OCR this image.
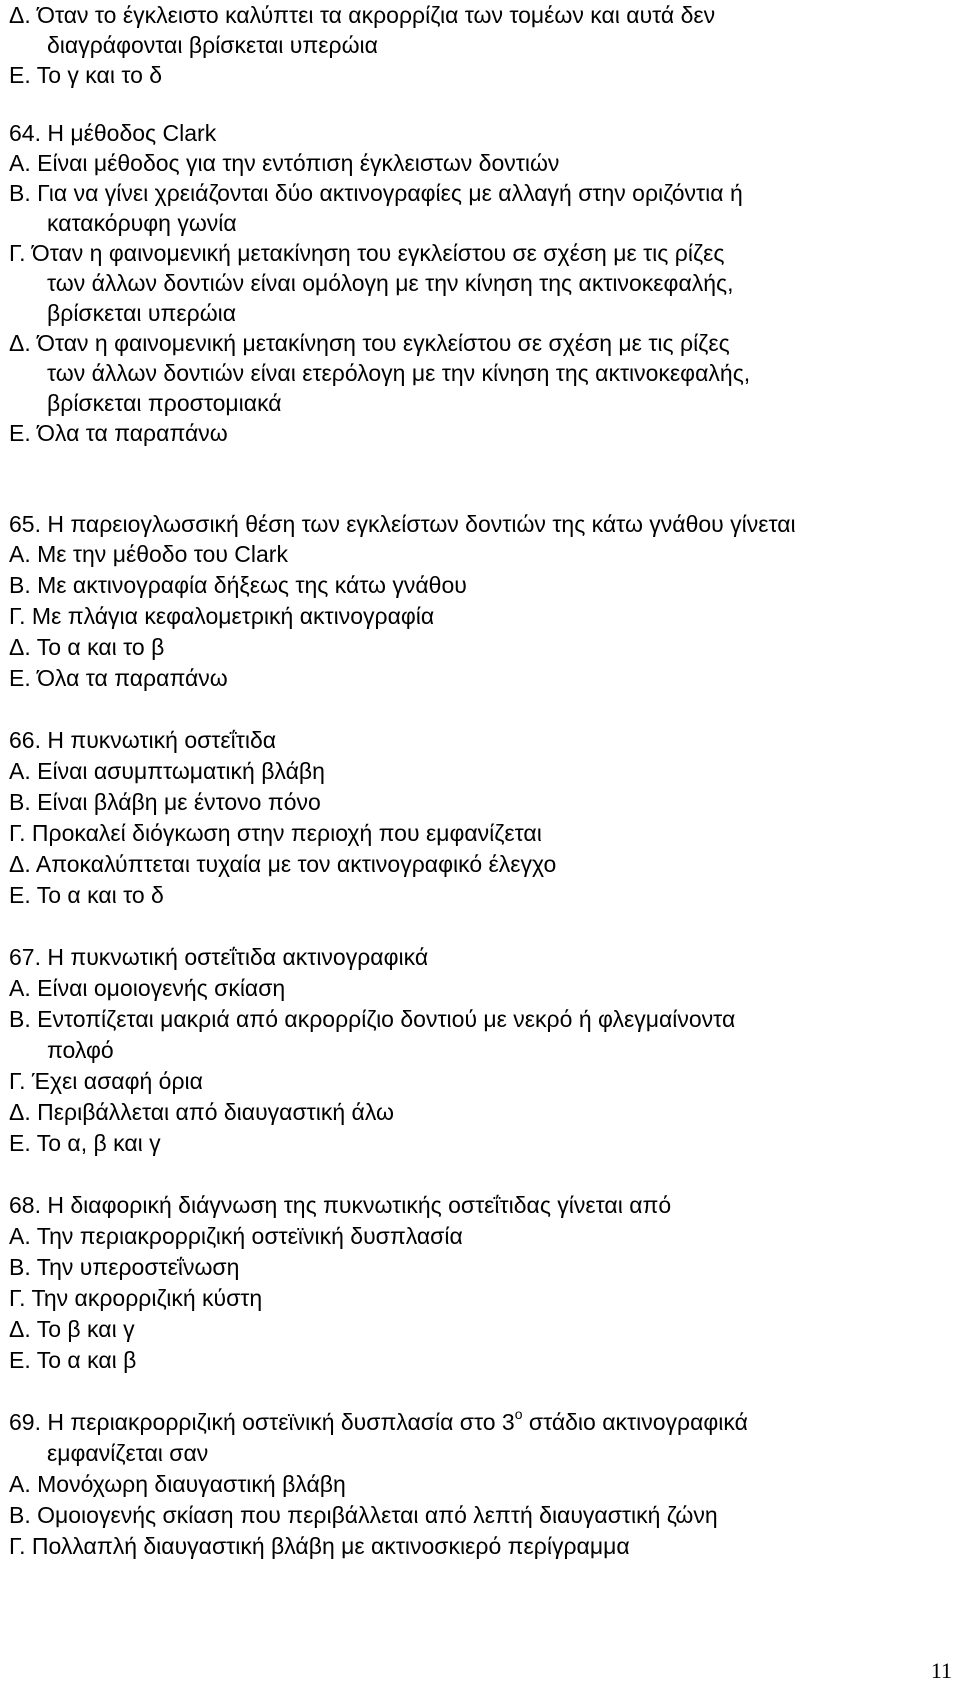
Δ. Όταν το έγκλειστο καλύπτει τα ακρορρίζια των τομέων και αυτά δεν
διαγράφονται βρίσκεται υπερώια
Ε. Το γ και το δ
64. Η μέθοδος Clark
Α. Είναι μέθοδος για την εντόπιση έγκλειστων δοντιών
Β. Για να γίνει χρειάζονται δύο ακτινογραφίες με αλλαγή στην οριζόντια ή
κατακόρυφη γωνία
Γ. Όταν η φαινομενική μετακίνηση του εγκλείστου σε σχέση με τις ρίζες
των άλλων δοντιών είναι ομόλογη με την κίνηση της ακτινοκεφαλής,
βρίσκεται υπερώια
Δ. Όταν η φαινομενική μετακίνηση του εγκλείστου σε σχέση με τις ρίζες
των άλλων δοντιών είναι ετερόλογη με την κίνηση της ακτινοκεφαλής,
βρίσκεται προστομιακά
Ε. Όλα τα παραπάνω
65. Η παρειογλωσσική θέση των εγκλείστων δοντιών της κάτω γνάθου γίνεται
Α. Με την μέθοδο του Clark
Β. Με ακτινογραφία δήξεως της κάτω γνάθου
Γ. Με πλάγια κεφαλομετρική ακτινογραφία
Δ. Το α και το β
Ε. Όλα τα παραπάνω
66. Η πυκνωτική οστεΐτιδα
Α. Είναι ασυμπτωματική βλάβη
Β. Είναι βλάβη με έντονο πόνο
Γ. Προκαλεί διόγκωση στην περιοχή που εμφανίζεται
Δ. Αποκαλύπτεται τυχαία με τον ακτινογραφικό έλεγχο
Ε. Το α και το δ
67. Η πυκνωτική οστεΐτιδα ακτινογραφικά
Α. Είναι ομοιογενής σκίαση
Β. Εντοπίζεται μακριά από ακρορρίζιο δοντιού με νεκρό ή φλεγμαίνοντα
πολφό
Γ. Έχει ασαφή όρια
Δ. Περιβάλλεται από διαυγαστική άλω
Ε. Το α, β και γ
68. Η διαφορική διάγνωση της πυκνωτικής οστεΐτιδας γίνεται από
Α. Την περιακρορριζική οστεϊνική δυσπλασία
Β. Την υπεροστεΐνωση
Γ. Την ακρορριζική κύστη
Δ. Το β και γ
Ε. Το α και β
69. Η περιακρορριζική οστεϊνική δυσπλασία στο $3^o$ στάδιο ακτινογραφικά
εμφανίζεται σαν
Α. Μονόχωρη διαυγαστική βλάβη
Β. Ομοιογενής σκίαση που περιβάλλεται από λεπτή διαυγαστική ζώνη
Γ. Πολλαπλή διαυγαστική βλάβη με ακτινοσκιερό περίγραμμα
11
